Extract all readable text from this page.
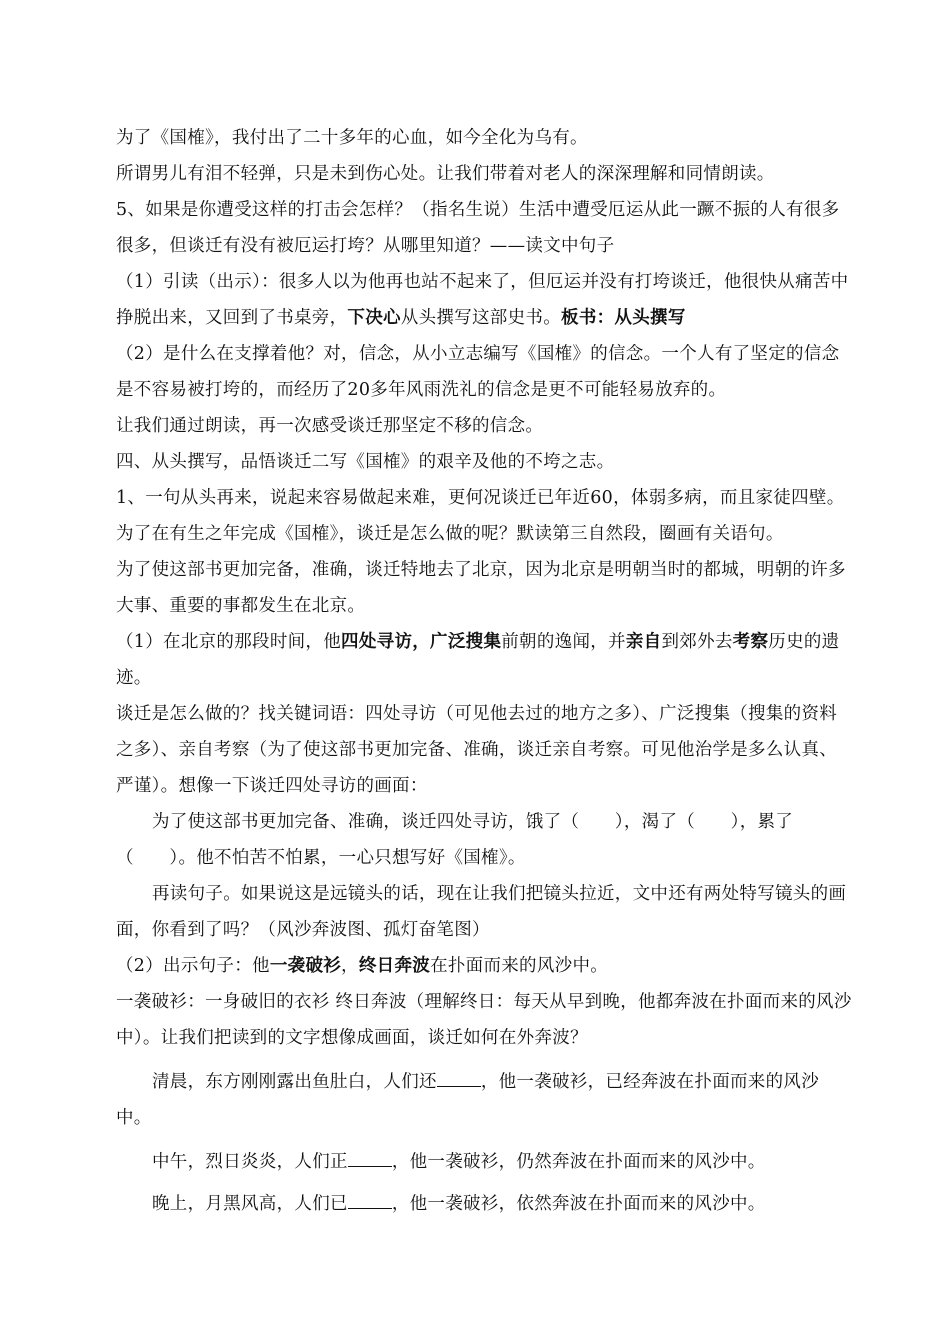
为了《国榷》，我付出了二十多年的心血，如今全化为乌有。

所谓男儿有泪不轻弹，只是未到伤心处。让我们带着对老人的深深理解和同情朗读。

5、如果是你遭受这样的打击会怎样？（指名生说）生活中遭受厄运从此一蹶不振的人有很多很多，但谈迁有没有被厄运打垮？从哪里知道？——读文中句子

（1）引读（出示）：很多人以为他再也站不起来了，但厄运并没有打垮谈迁，他很快从痛苦中挣脱出来，又回到了书桌旁，下决心从头撰写这部史书。板书：从头撰写

（2）是什么在支撑着他？对，信念，从小立志编写《国榷》的信念。一个人有了坚定的信念是不容易被打垮的，而经历了20多年风雨洗礼的信念是更不可能轻易放弃的。

让我们通过朗读，再一次感受谈迁那坚定不移的信念。

四、从头撰写，品悟谈迁二写《国榷》的艰辛及他的不垮之志。

1、一句从头再来，说起来容易做起来难，更何况谈迁已年近60，体弱多病，而且家徒四壁。

为了在有生之年完成《国榷》，谈迁是怎么做的呢？默读第三自然段，圈画有关语句。

为了使这部书更加完备，准确，谈迁特地去了北京，因为北京是明朝当时的都城，明朝的许多大事、重要的事都发生在北京。

（1）在北京的那段时间，他四处寻访，广泛搜集前朝的逸闻，并亲自到郊外去考察历史的遗迹。

谈迁是怎么做的？找关键词语：四处寻访（可见他去过的地方之多）、广泛搜集（搜集的资料之多）、亲自考察（为了使这部书更加完备、准确，谈迁亲自考察。可见他治学是多么认真、严谨）。想像一下谈迁四处寻访的画面：

为了使这部书更加完备、准确，谈迁四处寻访，饿了（　　），渴了（　　），累了（　　）。他不怕苦不怕累，一心只想写好《国榷》。

再读句子。如果说这是远镜头的话，现在让我们把镜头拉近，文中还有两处特写镜头的画面，你看到了吗？（风沙奔波图、孤灯奋笔图）

（2）出示句子：他一袭破衫，终日奔波在扑面而来的风沙中。

一袭破衫：一身破旧的衣衫 终日奔波（理解终日：每天从早到晚，他都奔波在扑面而来的风沙中）。让我们把读到的文字想像成画面，谈迁如何在外奔波？

清晨，东方刚刚露出鱼肚白，人们还	，他一袭破衫，已经奔波在扑面而来的风沙中。

中午，烈日炎炎，人们正	，他一袭破衫，仍然奔波在扑面而来的风沙中。

晚上，月黑风高，人们已	，他一袭破衫，依然奔波在扑面而来的风沙中。
